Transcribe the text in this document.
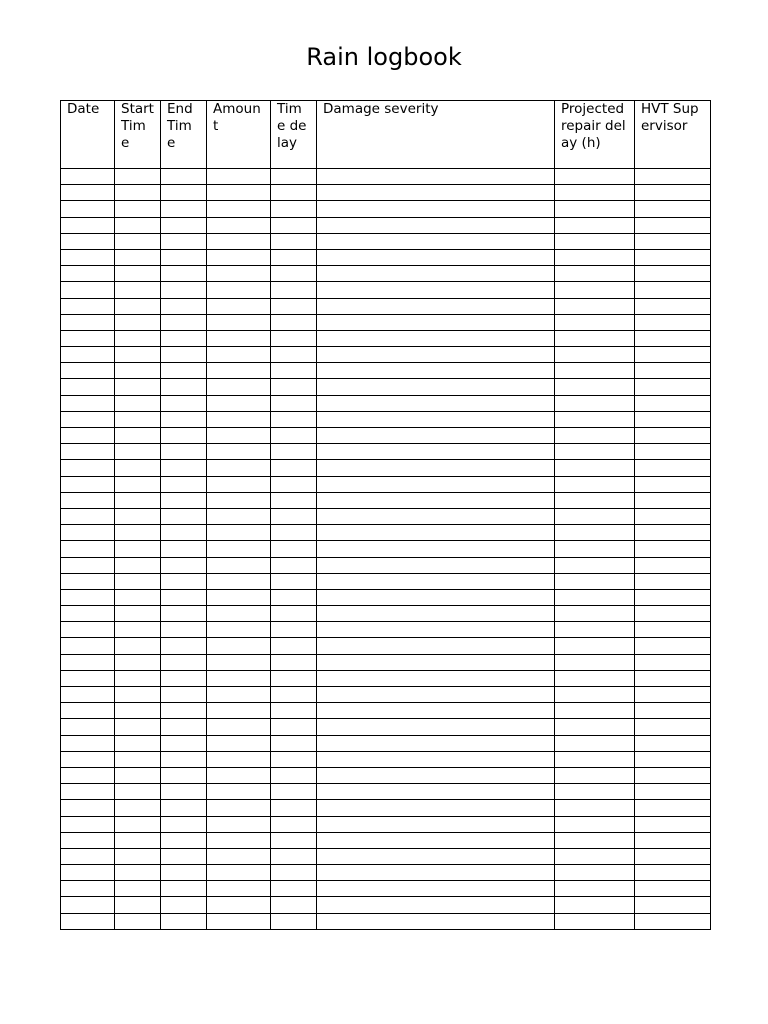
Rain logbook
Date	Start Time	End Time	Amount	Time delay	Damage severity	Projected repair delay (h)	HVT Supervisor
